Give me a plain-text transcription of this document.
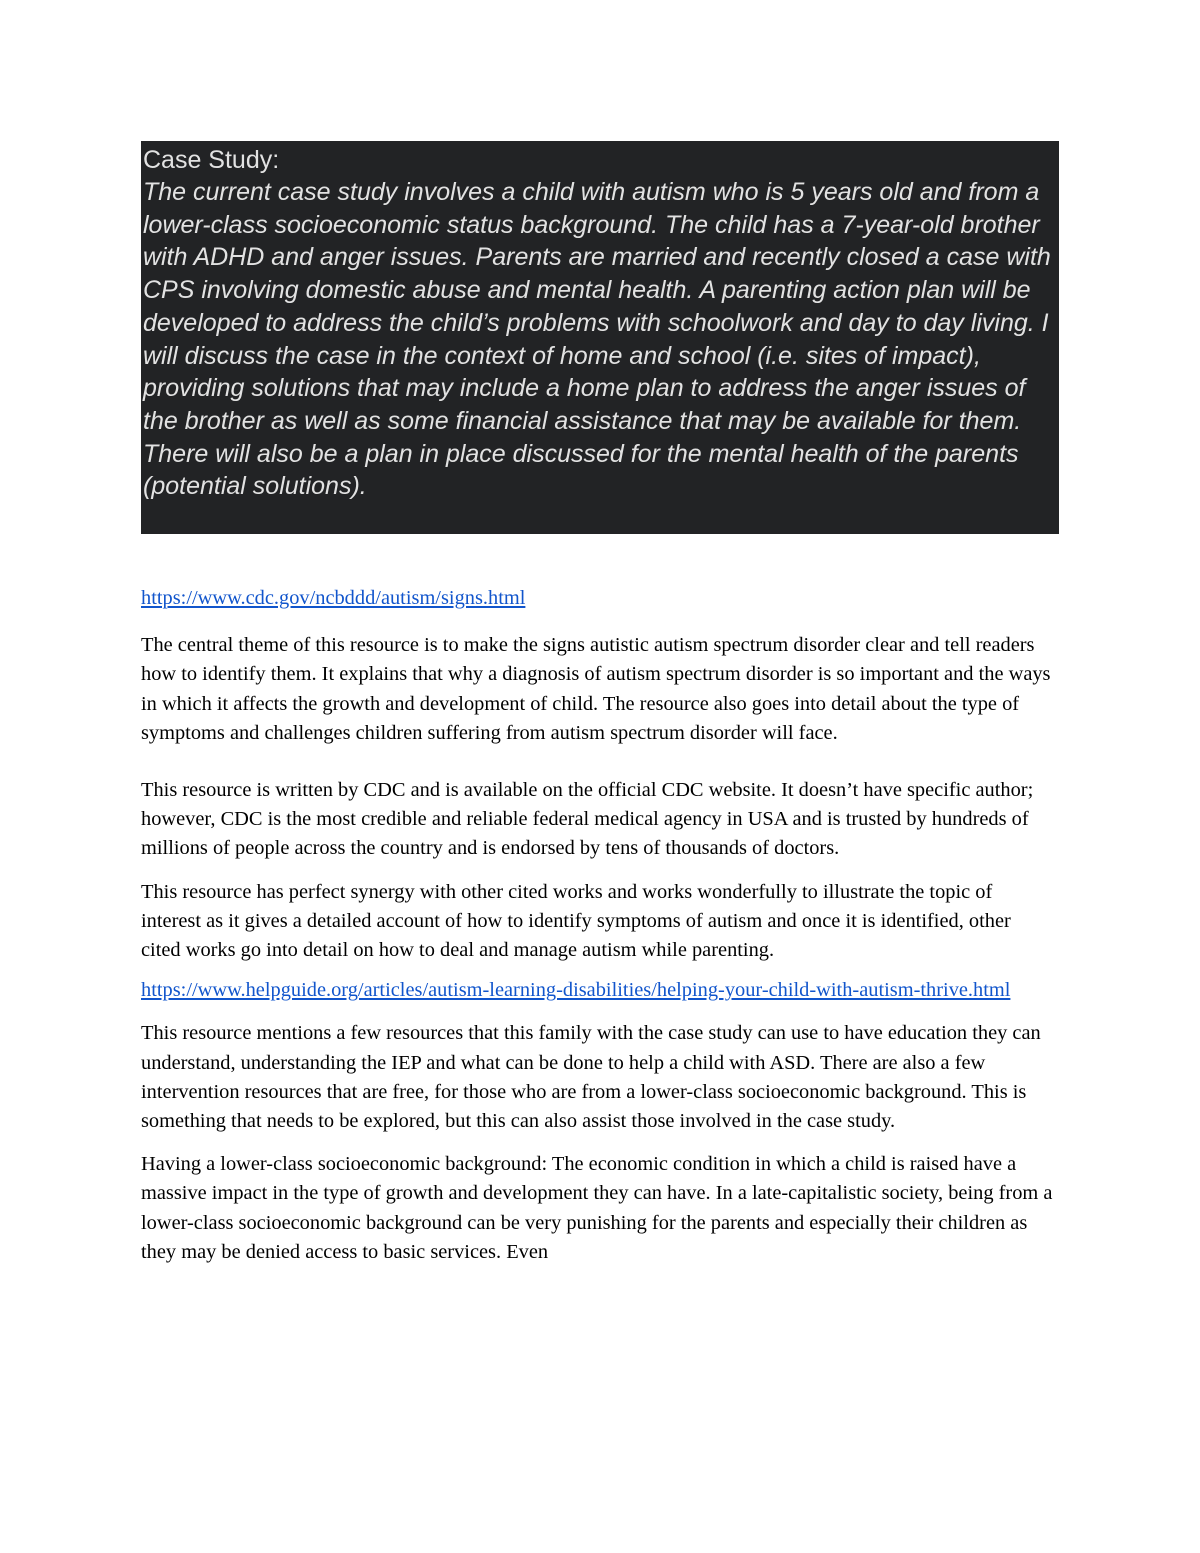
Case Study:

The current case study involves a child with autism who is 5 years old and from a lower-class socioeconomic status background. The child has a 7-year-old brother with ADHD and anger issues. Parents are married and recently closed a case with CPS involving domestic abuse and mental health. A parenting action plan will be developed to address the child’s problems with schoolwork and day to day living. I will discuss the case in the context of home and school (i.e. sites of impact), providing solutions that may include a home plan to address the anger issues of the brother as well as some financial assistance that may be available for them. There will also be a plan in place discussed for the mental health of the parents (potential solutions).

https://www.cdc.gov/ncbddd/autism/signs.html

The central theme of this resource is to make the signs autistic autism spectrum disorder clear and tell readers how to identify them. It explains that why a diagnosis of autism spectrum disorder is so important and the ways in which it affects the growth and development of child. The resource also goes into detail about the type of symptoms and challenges children suffering from autism spectrum disorder will face.

This resource is written by CDC and is available on the official CDC website. It doesn’t have specific author; however, CDC is the most credible and reliable federal medical agency in USA and is trusted by hundreds of millions of people across the country and is endorsed by tens of thousands of doctors.

This resource has perfect synergy with other cited works and works wonderfully to illustrate the topic of interest as it gives a detailed account of how to identify symptoms of autism and once it is identified, other cited works go into detail on how to deal and manage autism while parenting.

https://www.helpguide.org/articles/autism-learning-disabilities/helping-your-child-with-autism-thrive.html

This resource mentions a few resources that this family with the case study can use to have education they can understand, understanding the IEP and what can be done to help a child with ASD. There are also a few intervention resources that are free, for those who are from a lower-class socioeconomic background. This is something that needs to be explored, but this can also assist those involved in the case study.

Having a lower-class socioeconomic background: The economic condition in which a child is raised have a massive impact in the type of growth and development they can have. In a late-capitalistic society, being from a lower-class socioeconomic background can be very punishing for the parents and especially their children as they may be denied access to basic services. Even
